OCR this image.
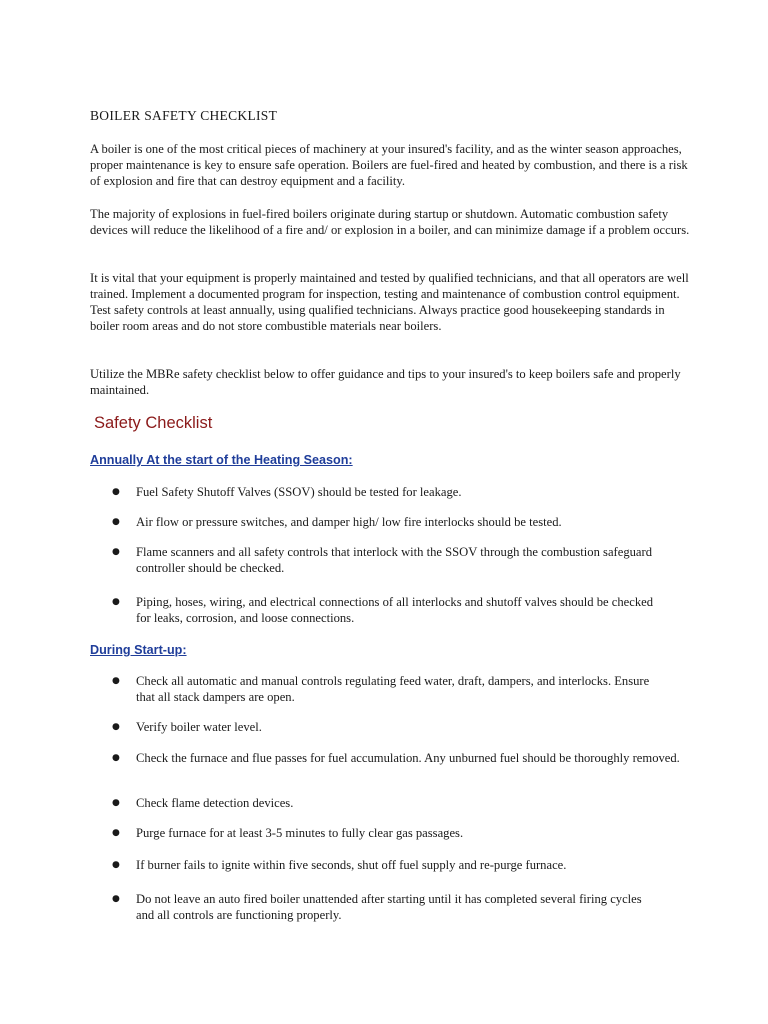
BOILER SAFETY CHECKLIST

A boiler is one of the most critical pieces of machinery at your insured's facility, and as the winter season approaches, proper maintenance is key to ensure safe operation. Boilers are fuel-fired and heated by combustion, and there is a risk of explosion and fire that can destroy equipment and a facility.

The majority of explosions in fuel-fired boilers originate during startup or shutdown. Automatic combustion safety devices will reduce the likelihood of a fire and/ or explosion in a boiler, and can minimize damage if a problem occurs.

It is vital that your equipment is properly maintained and tested by qualified technicians, and that all operators are well trained. Implement a documented program for inspection, testing and maintenance of combustion control equipment. Test safety controls at least annually, using qualified technicians. Always practice good housekeeping standards in boiler room areas and do not store combustible materials near boilers.

Utilize the MBRe safety checklist below to offer guidance and tips to your insured's to keep boilers safe and properly maintained.

Safety Checklist
Annually At the start of the Heating Season:
●	Fuel Safety Shutoff Valves (SSOV) should be tested for leakage.
●	Air flow or pressure switches, and damper high/ low fire interlocks should be tested.
●	Flame scanners and all safety controls that interlock with the SSOV through the combustion safeguard controller should be checked.
●	Piping, hoses, wiring, and electrical connections of all interlocks and shutoff valves should be checked for leaks, corrosion, and loose connections.
During Start-up:
●	Check all automatic and manual controls regulating feed water, draft, dampers, and interlocks. Ensure that all stack dampers are open.
●	Verify boiler water level.
●	Check the furnace and flue passes for fuel accumulation. Any unburned fuel should be thoroughly removed.
●	Check flame detection devices.
●	Purge furnace for at least 3-5 minutes to fully clear gas passages.
●	If burner fails to ignite within five seconds, shut off fuel supply and re-purge furnace.
●	Do not leave an auto fired boiler unattended after starting until it has completed several firing cycles and all controls are functioning properly.
